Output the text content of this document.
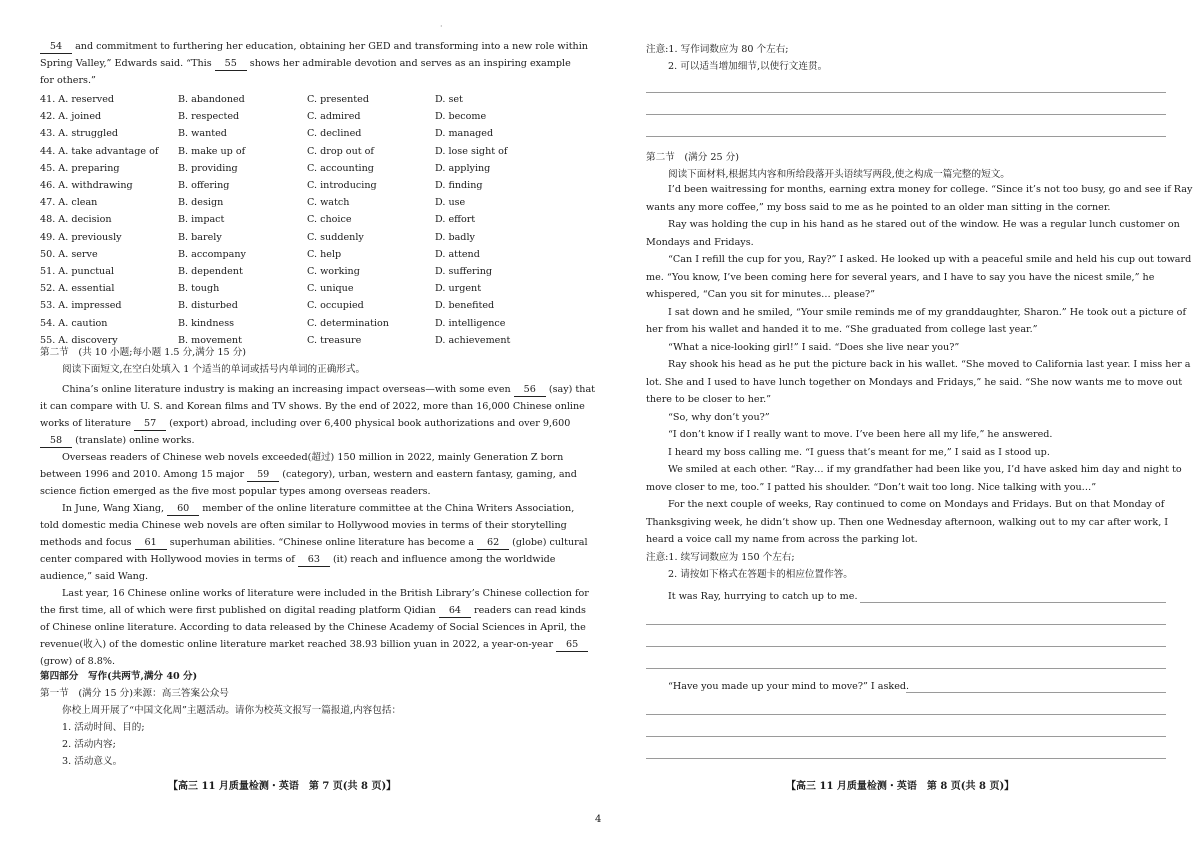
·
54 and commitment to furthering her education, obtaining her GED and transforming into a new role within
Spring Valley,” Edwards said. “This 55 shows her admirable devotion and serves as an inspiring example
for others.”
41. A. reserved	B. abandoned	C. presented	D. set
42. A. joined	B. respected	C. admired	D. become
43. A. struggled	B. wanted	C. declined	D. managed
44. A. take advantage of B. make up of	C. drop out of	D. lose sight of
45. A. preparing	B. providing	C. accounting	D. applying
46. A. withdrawing	B. offering	C. introducing	D. finding
47. A. clean	B. design	C. watch	D. use
48. A. decision	B. impact	C. choice	D. effort
49. A. previously	B. barely	C. suddenly	D. badly
50. A. serve	B. accompany	C. help	D. attend
51. A. punctual	B. dependent	C. working	D. suffering
52. A. essential	B. tough	C. unique	D. urgent
53. A. impressed	B. disturbed	C. occupied	D. benefited
54. A. caution	B. kindness	C. determination	D. intelligence
55. A. discovery	B. movement	C. treasure	D. achievement
第二节　(共 10 小题;每小题 1.5 分,满分 15 分)
阅读下面短文,在空白处填入 1 个适当的单词或括号内单词的正确形式。
China’s online literature industry is making an increasing impact overseas—with some even 56 (say) that
it can compare with U. S. and Korean films and TV shows. By the end of 2022, more than 16,000 Chinese online
works of literature 57 (export) abroad, including over 6,400 physical book authorizations and over 9,600
58 (translate) online works.
Overseas readers of Chinese web novels exceeded(超过) 150 million in 2022, mainly Generation Z born
between 1996 and 2010. Among 15 major 59 (category), urban, western and eastern fantasy, gaming, and
science fiction emerged as the five most popular types among overseas readers.
In June, Wang Xiang, 60 member of the online literature committee at the China Writers Association,
told domestic media Chinese web novels are often similar to Hollywood movies in terms of their storytelling
methods and focus 61 superhuman abilities. “Chinese online literature has become a 62 (globe) cultural
center compared with Hollywood movies in terms of 63 (it) reach and influence among the worldwide
audience,” said Wang.
Last year, 16 Chinese online works of literature were included in the British Library’s Chinese collection for
the first time, all of which were first published on digital reading platform Qidian 64 readers can read kinds
of Chinese online literature. According to data released by the Chinese Academy of Social Sciences in April, the
revenue(收入) of the domestic online literature market reached 38.93 billion yuan in 2022, a year-on-year 65
(grow) of 8.8%.
第四部分　写作(共两节,满分 40 分)
第一节　(满分 15 分)来源：高三答案公众号
你校上周开展了“中国文化周”主题活动。请你为校英文报写一篇报道,内容包括：
1. 活动时间、目的;
2. 活动内容;
3. 活动意义。
【高三 11 月质量检测・英语　第 7 页(共 8 页)】
注意:1. 写作词数应为 80 个左右;
2. 可以适当增加细节,以使行文连贯。
第二节　(满分 25 分)
阅读下面材料,根据其内容和所给段落开头语续写两段,使之构成一篇完整的短文。
I’d been waitressing for months, earning extra money for college. “Since it’s not too busy, go and see if Ray
wants any more coffee,” my boss said to me as he pointed to an older man sitting in the corner.
Ray was holding the cup in his hand as he stared out of the window. He was a regular lunch customer on
Mondays and Fridays.
“Can I refill the cup for you, Ray?” I asked. He looked up with a peaceful smile and held his cup out toward
me. “You know, I’ve been coming here for several years, and I have to say you have the nicest smile,” he
whispered, “Can you sit for minutes… please?”
I sat down and he smiled, “Your smile reminds me of my granddaughter, Sharon.” He took out a picture of
her from his wallet and handed it to me. “She graduated from college last year.”
“What a nice-looking girl!” I said. “Does she live near you?”
Ray shook his head as he put the picture back in his wallet. “She moved to California last year. I miss her a
lot. She and I used to have lunch together on Mondays and Fridays,” he said. “She now wants me to move out
there to be closer to her.”
“So, why don’t you?”
“I don’t know if I really want to move. I’ve been here all my life,” he answered.
I heard my boss calling me. “I guess that’s meant for me,” I said as I stood up.
We smiled at each other. “Ray… if my grandfather had been like you, I’d have asked him day and night to
move closer to me, too.” I patted his shoulder. “Don’t wait too long. Nice talking with you…”
For the next couple of weeks, Ray continued to come on Mondays and Fridays. But on that Monday of
Thanksgiving week, he didn’t show up. Then one Wednesday afternoon, walking out to my car after work, I
heard a voice call my name from across the parking lot.
注意:1. 续写词数应为 150 个左右;
2. 请按如下格式在答题卡的相应位置作答。
It was Ray, hurrying to catch up to me.
“Have you made up your mind to move?” I asked.
【高三 11 月质量检测・英语　第 8 页(共 8 页)】
4
